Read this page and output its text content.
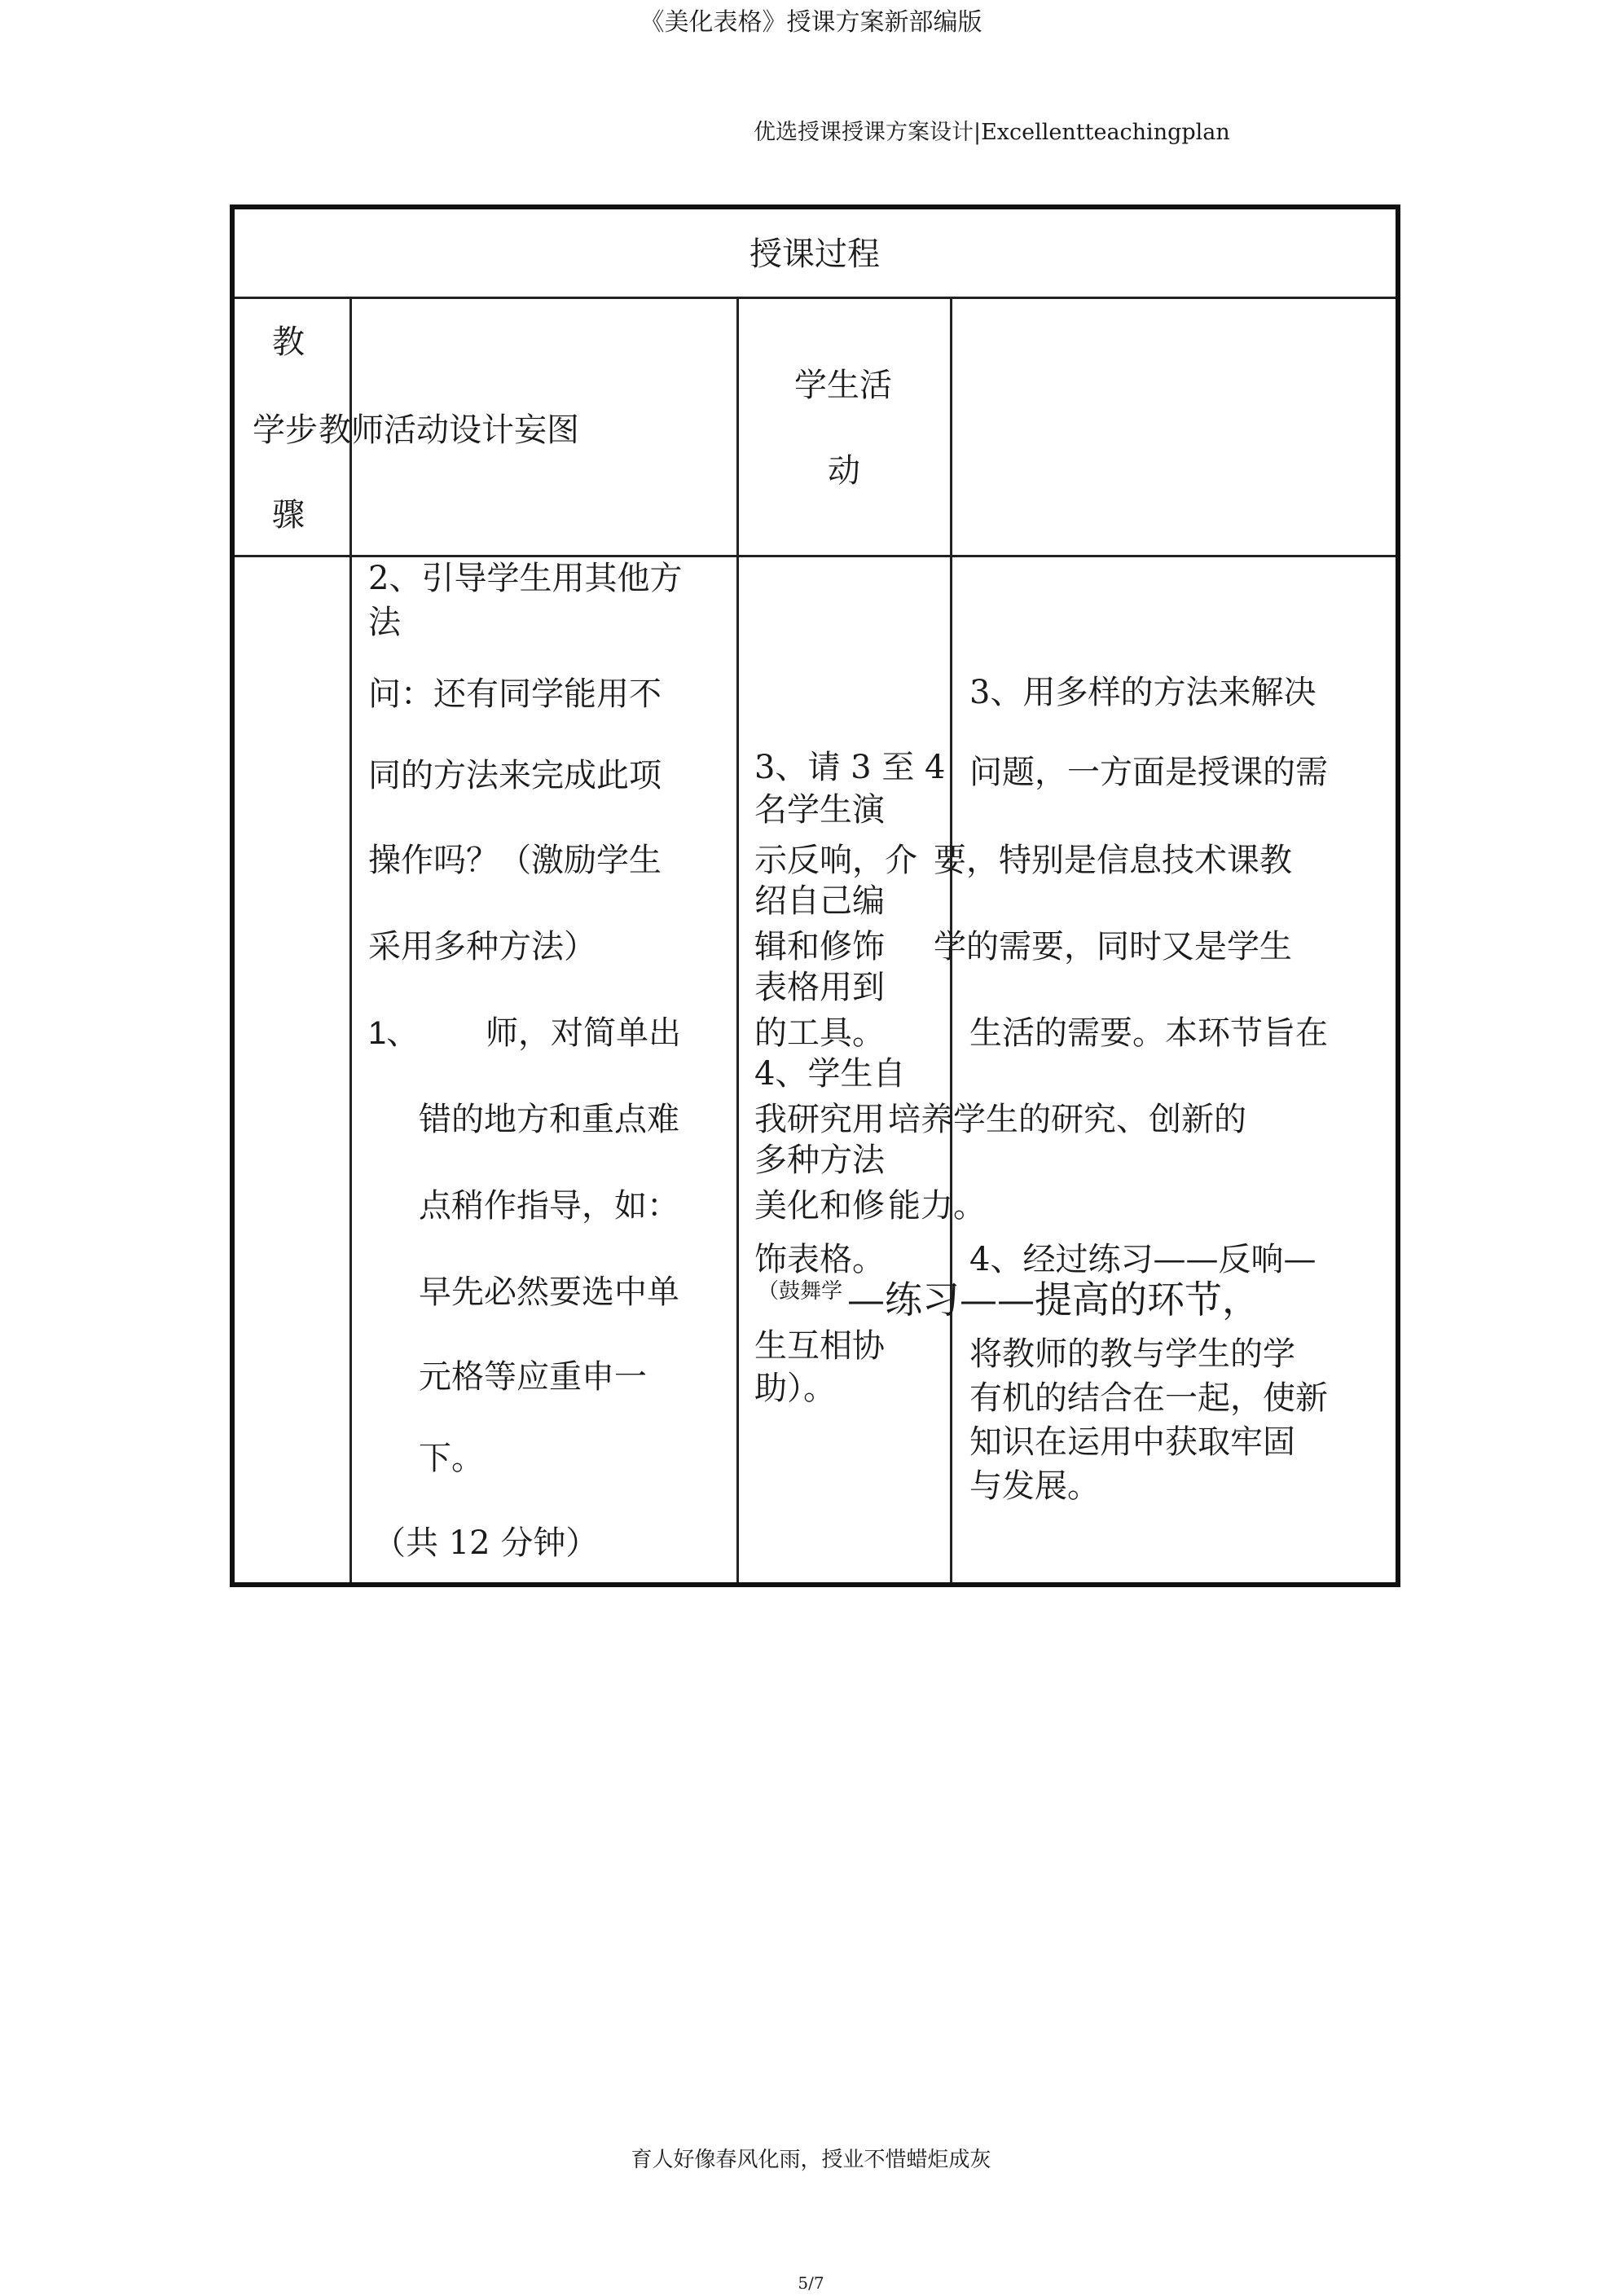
《美化表格》授课方案新部编版
优选授课授课方案设计|Excellentteachingplan
授课过程
教
学步
骤
教师活动设计妄图
学生活
动
2、引导学生用其他方
法
问：还有同学能用不
同的方法来完成此项
操作吗？（激励学生
采用多种方法）
1、 师，对简单出
错的地方和重点难
点稍作指导，如：
早先必然要选中单
元格等应重申一
下。
（共 12 分钟）
3、请 3 至 4
名学生演
示反响，介
绍自己编
辑和修饰
表格用到
的工具。
4、学生自
我研究用
多种方法
美化和修
饰表格。
（鼓舞学
生互相协
助）。
3、用多样的方法来解决
问题，一方面是授课的需
要，特别是信息技术课教
学的需要，同时又是学生
生活的需要。本环节旨在
培养学生的研究、创新的
能力。
4、经过练习——反响—
—练习——提高的环节，
将教师的教与学生的学
有机的结合在一起，使新
知识在运用中获取牢固
与发展。
育人好像春风化雨，授业不惜蜡炬成灰
5/7
